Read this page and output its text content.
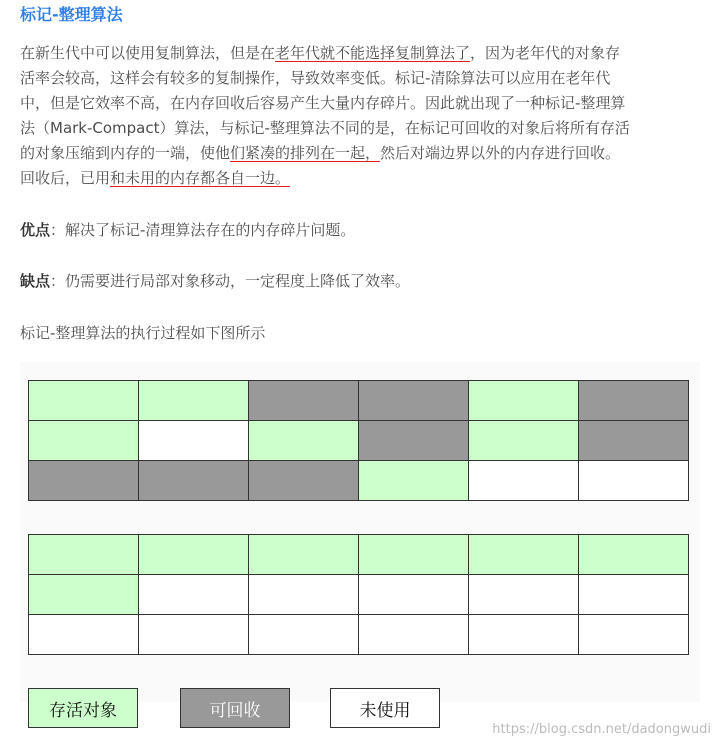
标记-整理算法
在新生代中可以使用复制算法，但是在老年代就不能选择复制算法了，因为老年代的对象存
活率会较高，这样会有较多的复制操作，导致效率变低。标记-清除算法可以应用在老年代
中，但是它效率不高，在内存回收后容易产生大量内存碎片。因此就出现了一种标记-整理算
法（Mark-Compact）算法，与标记-整理算法不同的是，在标记可回收的对象后将所有存活
的对象压缩到内存的一端，使他们紧凑的排列在一起，然后对端边界以外的内存进行回收。
回收后，已用和未用的内存都各自一边。
优点：解决了标记-清理算法存在的内存碎片问题。
缺点：仍需要进行局部对象移动，一定程度上降低了效率。
标记-整理算法的执行过程如下图所示
存活对象	可回收	未使用
https://blog.csdn.net/dadongwudi
